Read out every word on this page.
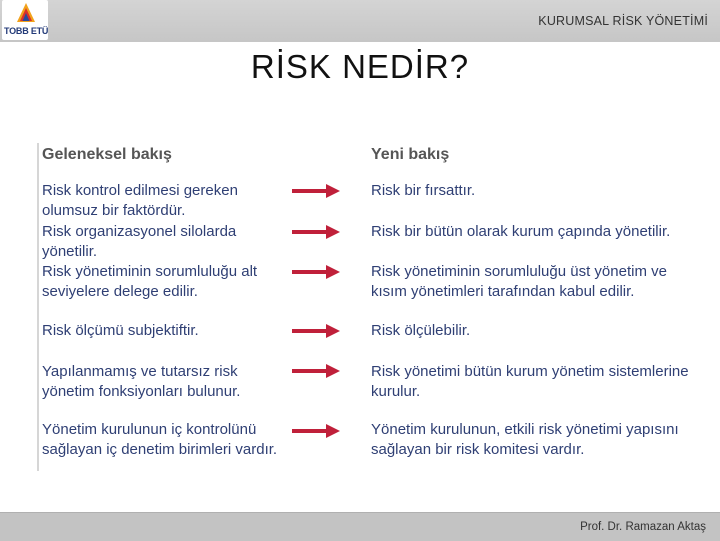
TOBB ETÜ
KURUMSAL RİSK YÖNETİMİ
RİSK NEDİR?
Geleneksel bakış	Yeni bakış
Risk kontrol edilmesi gereken olumsuz bir faktördür.
Risk bir fırsattır.
Risk organizasyonel silolarda yönetilir.
Risk bir bütün olarak kurum çapında yönetilir.
Risk yönetiminin sorumluluğu alt seviyelere delege edilir.
Risk yönetiminin sorumluluğu üst yönetim ve kısım yönetimleri tarafından kabul edilir.
Risk ölçümü subjektiftir.	Risk ölçülebilir.
Yapılanmamış ve tutarsız risk yönetim fonksiyonları bulunur.
Risk yönetimi bütün kurum yönetim sistemlerine kurulur.
Yönetim kurulunun iç kontrolünü sağlayan iç denetim birimleri vardır.
Yönetim kurulunun, etkili risk yönetimi yapısını sağlayan bir risk komitesi vardır.
Prof. Dr. Ramazan Aktaş
